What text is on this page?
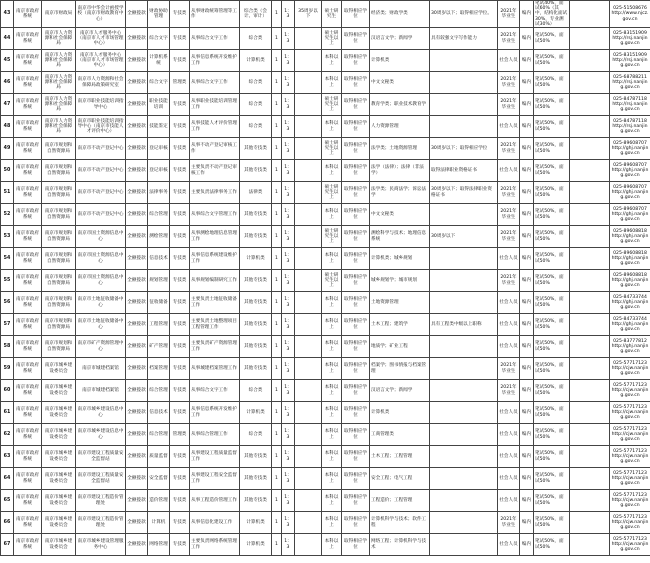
43	南京市政府系统	南京市财政局	南京市中华会计函授学校（南京市财政教育中心）	全额拨款	财政协助管理	专技类	从事财政统筹管理等工作	综合类（会计、审计）	1	1：3	35周岁以下	硕士研究生	取得相应学位	经济类；财政学类	30周岁以下；取得相应学位。	2021年毕业生	编内	笔试40%，面试60%（其中，结构化面试30%，专业测试30%）		025-51508676 http://www.njcz.gov.cn
44	南京市政府系统	南京市人力资源和社会保障局	南京市人才服务中心（南京市人才市场管理中心）	全额拨款	综合文字	专技类	从事综合文字工作	综合类	1	1：3		硕士研究生以上	取得相应学位	汉语言文学；新闻学	具有较强文字写作能力	2021年毕业生	编内	笔试50%，面试50%		025-83151909 http://rsj.nanjing.gov.cn
45	南京市政府系统	南京市人力资源和社会保障局	南京市人才服务中心（南京市人才市场管理中心）	全额拨款	计算机系统	专技类	从事信息系统开发维护工作	计算机类	1	1：3		本科以上	取得相应学位	计算机类		社会人员	编内	笔试50%，面试50%		025-83151909 http://rsj.nanjing.gov.cn
46	南京市政府系统	南京市人力资源和社会保障局	南京市人力资源和社会保障局政策研究室	全额拨款	综合文字	管理类	从事综合文字工作	综合类	1	1：3		本科以上	取得相应学位	中文文秘类		2021年毕业生	编内	笔试50%，面试50%		025-68788211 http://rsj.nanjing.gov.cn
47	南京市政府系统	南京市人力资源和社会保障局	南京市职业技能培训指导中心	全额拨款	职业技能培训	专技类	从事职业技能培训管理工作	综合类	1	1：3		硕士研究生以上	取得相应学位	教育学类；职业技术教育学		2021年毕业生	编内	笔试50%，面试50%		025-84787118 http://rsj.nanjing.gov.cn
48	南京市政府系统	南京市人力资源和社会保障局	南京市职业技能培训指导中心（南京市技能人才评价中心）	全额拨款	技能鉴定	专技类	从事技能人才评价管理工作	综合类	1	1：3		本科以上	取得相应学位	人力资源管理		社会人员	编内	笔试50%，面试50%		025-84787118 http://rsj.nanjing.gov.cn
49	南京市政府系统	南京市规划和自然资源局	南京市不动产登记中心	全额拨款	登记审核	专技类	从事不动产登记审核工作	其他专技类	1	1：3		硕士研究生以上	取得相应学位	法学类；土地资源管理	30周岁以下；取得相应学位	2021年毕业生	编内	笔试50%，面试50%		025-89608707 http://ghj.nanjing.gov.cn
50	南京市政府系统	南京市规划和自然资源局	南京市不动产登记中心	全额拨款	登记审核	专技类	主要负责不动产登记审核工作	其他专技类	1	1：3		本科以上	取得相应学位	法学（法律）；法律（非法学）	取得法律职业资格证书	社会人员	编内	笔试50%，面试50%		025-89608707 http://ghj.nanjing.gov.cn
51	南京市政府系统	南京市规划和自然资源局	南京市不动产登记中心	全额拨款	法律事务	专技类	主要负责法律事务工作	法律类	1	1：3		硕士研究生以上	取得相应学位	法学类；民商法学；诉讼法学	30周岁以下；取得法律职业资格证书	2021年毕业生	编内	笔试50%，面试50%		025-89608707 http://ghj.nanjing.gov.cn
52	南京市政府系统	南京市规划和自然资源局	南京市不动产登记中心	全额拨款	综合管理	专技类	从事综合文字管理工作	其他专技类	1	1：3		本科以上	取得相应学位	中文文秘类		2021年毕业生	编内	笔试50%，面试50%		025-89608707 http://ghj.nanjing.gov.cn
53	南京市政府系统	南京市规划和自然资源局	南京市国土资源信息中心	全额拨款	测绘管理	专技类	从事测绘地理信息管理工作	其他专技类	1	1：3		硕士研究生以上	取得相应学位	测绘科学与技术；地理信息系统	30周岁以下	2021年毕业生	编内	笔试50%，面试50%		025-89608818 http://ghj.nanjing.gov.cn
54	南京市政府系统	南京市规划和自然资源局	南京市国土资源信息中心	全额拨款	信息技术	专技类	从事信息系统建设维护工作	计算机类	1	1：3		本科以上	取得相应学位	计算机类；城乡规划		社会人员	编内	笔试50%，面试50%		025-89608818 http://ghj.nanjing.gov.cn
55	南京市政府系统	南京市规划和自然资源局	南京市国土资源信息中心	全额拨款	规划管理	专技类	从事规划编制研究工作	其他专技类	1	1：3		硕士研究生以上	取得相应学位	城乡规划学；城市规划		2021年毕业生	编内	笔试50%，面试50%		025-89608818 http://ghj.nanjing.gov.cn
56	南京市政府系统	南京市规划和自然资源局	南京市土地征收储备中心	全额拨款	征收储备	专技类	主要负责土地征收储备工作	其他专技类	1	1：3		本科以上	取得相应学位	土地资源管理		社会人员	编内	笔试50%，面试50%		025-84733744 http://ghj.nanjing.gov.cn
57	南京市政府系统	南京市规划和自然资源局	南京市土地征收储备中心	全额拨款	工程管理	专技类	主要负责土地整理项目工程管理工作	其他专技类	1	1：3		本科以上	取得相应学位	土木工程；建筑学	具有工程类中级以上职称	社会人员	编内	笔试50%，面试50%		025-84733744 http://ghj.nanjing.gov.cn
58	南京市政府系统	南京市规划和自然资源局	南京市矿产资源管理中心	全额拨款	矿产管理	专技类	主要负责矿产资源管理工作	其他专技类	1	1：3		本科以上	取得相应学位	地质学；矿业工程		社会人员	编内	笔试50%，面试50%		025-83777812 http://ghj.nanjing.gov.cn
59	南京市政府系统	南京市城乡建设委员会	南京市城建档案馆	全额拨款	档案管理	专技类	从事城建档案管理工作	其他专技类	1	1：3		本科以上	取得相应学位	档案学；图书情报与档案管理		2021年毕业生	编内	笔试50%，面试50%		025-57717123 http://cjw.nanjing.gov.cn
60	南京市政府系统	南京市城乡建设委员会	南京市城建档案馆	全额拨款	综合管理	专技类	从事综合文字工作	综合类	1	1：3		本科以上	取得相应学位	汉语言文学；新闻学		2021年毕业生	编内	笔试50%，面试50%		025-57717123 http://cjw.nanjing.gov.cn
61	南京市政府系统	南京市城乡建设委员会	南京市城乡建设信息中心	全额拨款	信息技术	专技类	从事信息系统开发维护工作	计算机类	1	1：3		本科以上	取得相应学位	计算机类		社会人员	编内	笔试50%，面试50%		025-57717123 http://cjw.nanjing.gov.cn
62	南京市政府系统	南京市城乡建设委员会	南京市城乡建设信息中心	全额拨款	综合管理	管理类	从事综合管理工作	综合类	1	1：3		本科以上	取得相应学位	工商管理类		社会人员	编内	笔试50%，面试50%		025-57717123 http://cjw.nanjing.gov.cn
63	南京市政府系统	南京市城乡建设委员会	南京市建设工程质量安全监督站	全额拨款	质量监督	专技类	从事建设工程质量监督工作	其他专技类	1	1：3		本科以上	取得相应学位	土木工程；工程管理		社会人员	编内	笔试50%，面试50%		025-57717123 http://cjw.nanjing.gov.cn
64	南京市政府系统	南京市城乡建设委员会	南京市建设工程质量安全监督站	全额拨款	安全监督	专技类	从事建设工程安全监督工作	其他专技类	1	1：3		本科以上	取得相应学位	安全工程；电气工程		社会人员	编内	笔试50%，面试50%		025-57717123 http://cjw.nanjing.gov.cn
65	南京市政府系统	南京市城乡建设委员会	南京市建设工程造价管理处	全额拨款	造价管理	专技类	从事工程造价管理工作	其他专技类	1	1：3		本科以上	取得相应学位	工程造价；工程管理		社会人员	编内	笔试50%，面试50%		025-57717123 http://cjw.nanjing.gov.cn
66	南京市政府系统	南京市城乡建设委员会	南京市建设工程造价管理处	全额拨款	计算机	专技类	从事信息化建设工作	计算机类	1	1：3		本科以上	取得相应学位	计算机科学与技术；软件工程		2021年毕业生	编内	笔试50%，面试50%		025-57717123 http://cjw.nanjing.gov.cn
67	南京市政府系统	南京市城乡建设委员会	南京市城乡建设管理服务中心	全额拨款	网络管理	专技类	主要负责网络系统管理工作	计算机类	1	1：3		本科以上	取得相应学位	网络工程；计算机科学与技术		社会人员	编内	笔试50%，面试50%		025-57717123 http://cjw.nanjing.gov.cn
